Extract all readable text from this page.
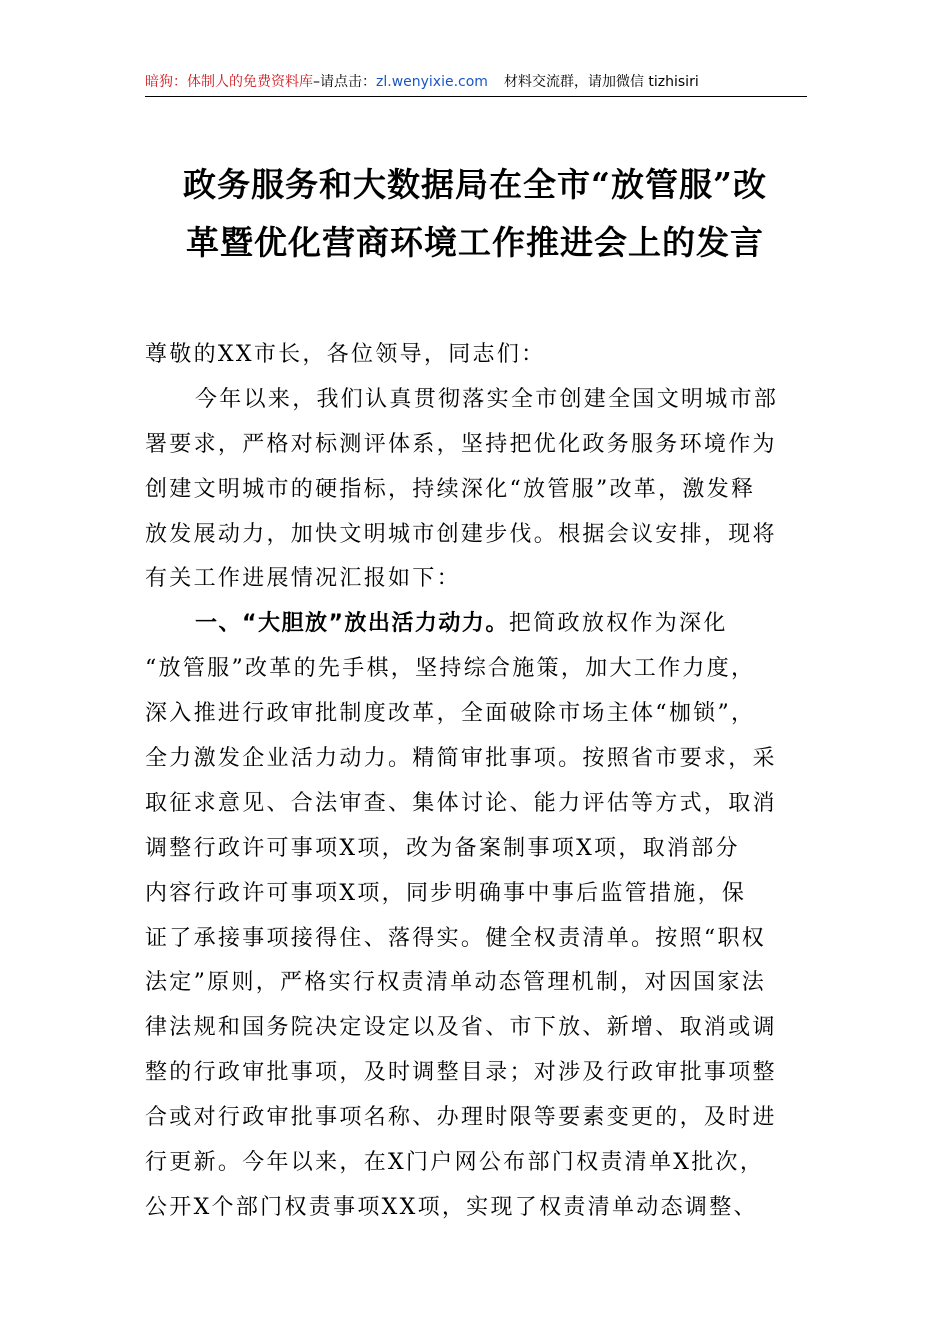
暗狗：体制人的免费资料库–请点击：zl.wenyixie.com 材料交流群，请加微信 tizhisiri
政务服务和大数据局在全市“放管服”改
革暨优化营商环境工作推进会上的发言
尊敬的XX市长，各位领导，同志们：
今年以来，我们认真贯彻落实全市创建全国文明城市部
署要求，严格对标测评体系，坚持把优化政务服务环境作为
创建文明城市的硬指标，持续深化“放管服”改革，激发释
放发展动力，加快文明城市创建步伐。根据会议安排，现将
有关工作进展情况汇报如下：
一、“大胆放”放出活力动力。把简政放权作为深化
“放管服”改革的先手棋，坚持综合施策，加大工作力度，
深入推进行政审批制度改革，全面破除市场主体“枷锁”，
全力激发企业活力动力。精简审批事项。按照省市要求，采
取征求意见、合法审查、集体讨论、能力评估等方式，取消
调整行政许可事项X项，改为备案制事项X项，取消部分
内容行政许可事项X项，同步明确事中事后监管措施，保
证了承接事项接得住、落得实。健全权责清单。按照“职权
法定”原则，严格实行权责清单动态管理机制，对因国家法
律法规和国务院决定设定以及省、市下放、新增、取消或调
整的行政审批事项，及时调整目录；对涉及行政审批事项整
合或对行政审批事项名称、办理时限等要素变更的，及时进
行更新。今年以来，在X门户网公布部门权责清单X批次，
公开X个部门权责事项XX项，实现了权责清单动态调整、
